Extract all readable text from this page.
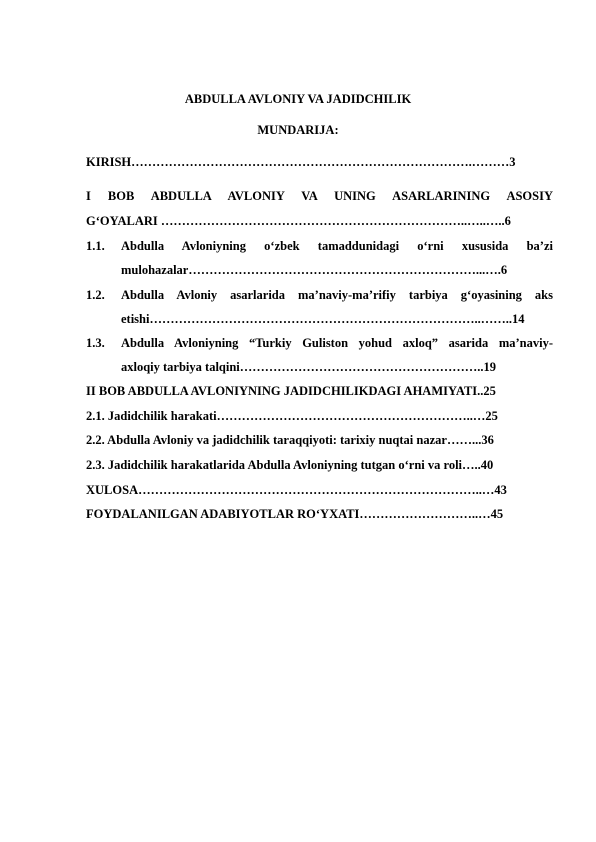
ABDULLA AVLONIY VA JADIDCHILIK
MUNDARIJA:
KIRISH……………………………………………………………………….………3
I BOB ABDULLA AVLONIY VA UNING ASARLARINING ASOSIY
G‘OYALARI ………………………………………………………………..…..…..6
1.1. Abdulla Avloniyning o‘zbek tamaddunidagi o‘rni xususida ba’zi
mulohazalar……………………………………………………………...….6
1.2. Abdulla Avloniy asarlarida ma’naviy-ma’rifiy tarbiya g‘oyasining aks
etishi……………………………………………………………………..……..14
1.3. Abdulla Avloniyning “Turkiy Guliston yohud axloq” asarida ma’naviy-
axloqiy tarbiya talqini…………………………………………………..19
II BOB ABDULLA AVLONIYNING JADIDCHILIKDAGI AHAMIYATI..25
2.1. Jadidchilik harakati……………………………………………………..…25
2.2. Abdulla Avloniy va jadidchilik taraqqiyoti: tarixiy nuqtai nazar……...36
2.3. Jadidchilik harakatlarida Abdulla Avloniyning tutgan o‘rni va roli…..40
XULOSA………………………………………………………………………..…43
FOYDALANILGAN ADABIYOTLAR RO‘YXATI………………………..…45
